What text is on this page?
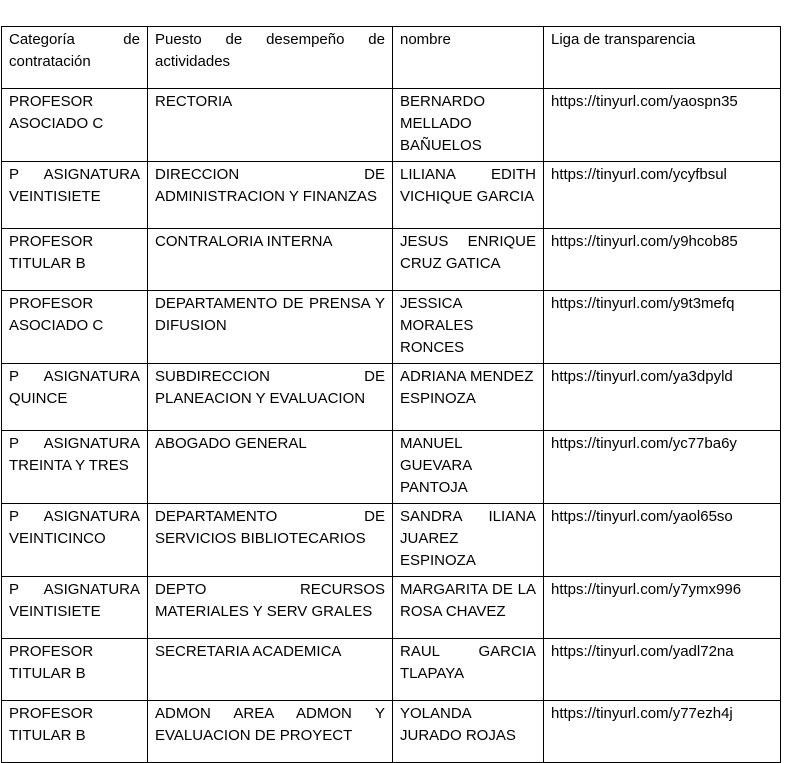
Categoría de contratación	Puesto de desempeño de actividades	nombre	Liga de transparencia
PROFESOR ASOCIADO C	RECTORIA	BERNARDO MELLADO BAÑUELOS	https://tinyurl.com/yaospn35
P ASIGNATURA VEINTISIETE	DIRECCION DE ADMINISTRACION Y FINANZAS	LILIANA EDITH VICHIQUE GARCIA	https://tinyurl.com/ycyfbsul
PROFESOR TITULAR B	CONTRALORIA INTERNA	JESUS ENRIQUE CRUZ GATICA	https://tinyurl.com/y9hcob85
PROFESOR ASOCIADO C	DEPARTAMENTO DE PRENSA Y DIFUSION	JESSICA MORALES RONCES	https://tinyurl.com/y9t3mefq
P ASIGNATURA QUINCE	SUBDIRECCION DE PLANEACION Y EVALUACION	ADRIANA MENDEZ ESPINOZA	https://tinyurl.com/ya3dpyld
P ASIGNATURA TREINTA Y TRES	ABOGADO GENERAL	MANUEL GUEVARA PANTOJA	https://tinyurl.com/yc77ba6y
P ASIGNATURA VEINTICINCO	DEPARTAMENTO DE SERVICIOS BIBLIOTECARIOS	SANDRA ILIANA JUAREZ ESPINOZA	https://tinyurl.com/yaol65so
P ASIGNATURA VEINTISIETE	DEPTO RECURSOS MATERIALES Y SERV GRALES	MARGARITA DE LA ROSA CHAVEZ	https://tinyurl.com/y7ymx996
PROFESOR TITULAR B	SECRETARIA ACADEMICA	RAUL GARCIA TLAPAYA	https://tinyurl.com/yadl72na
PROFESOR TITULAR B	ADMON AREA ADMON Y EVALUACION DE PROYECT	YOLANDA JURADO ROJAS	https://tinyurl.com/y77ezh4j
